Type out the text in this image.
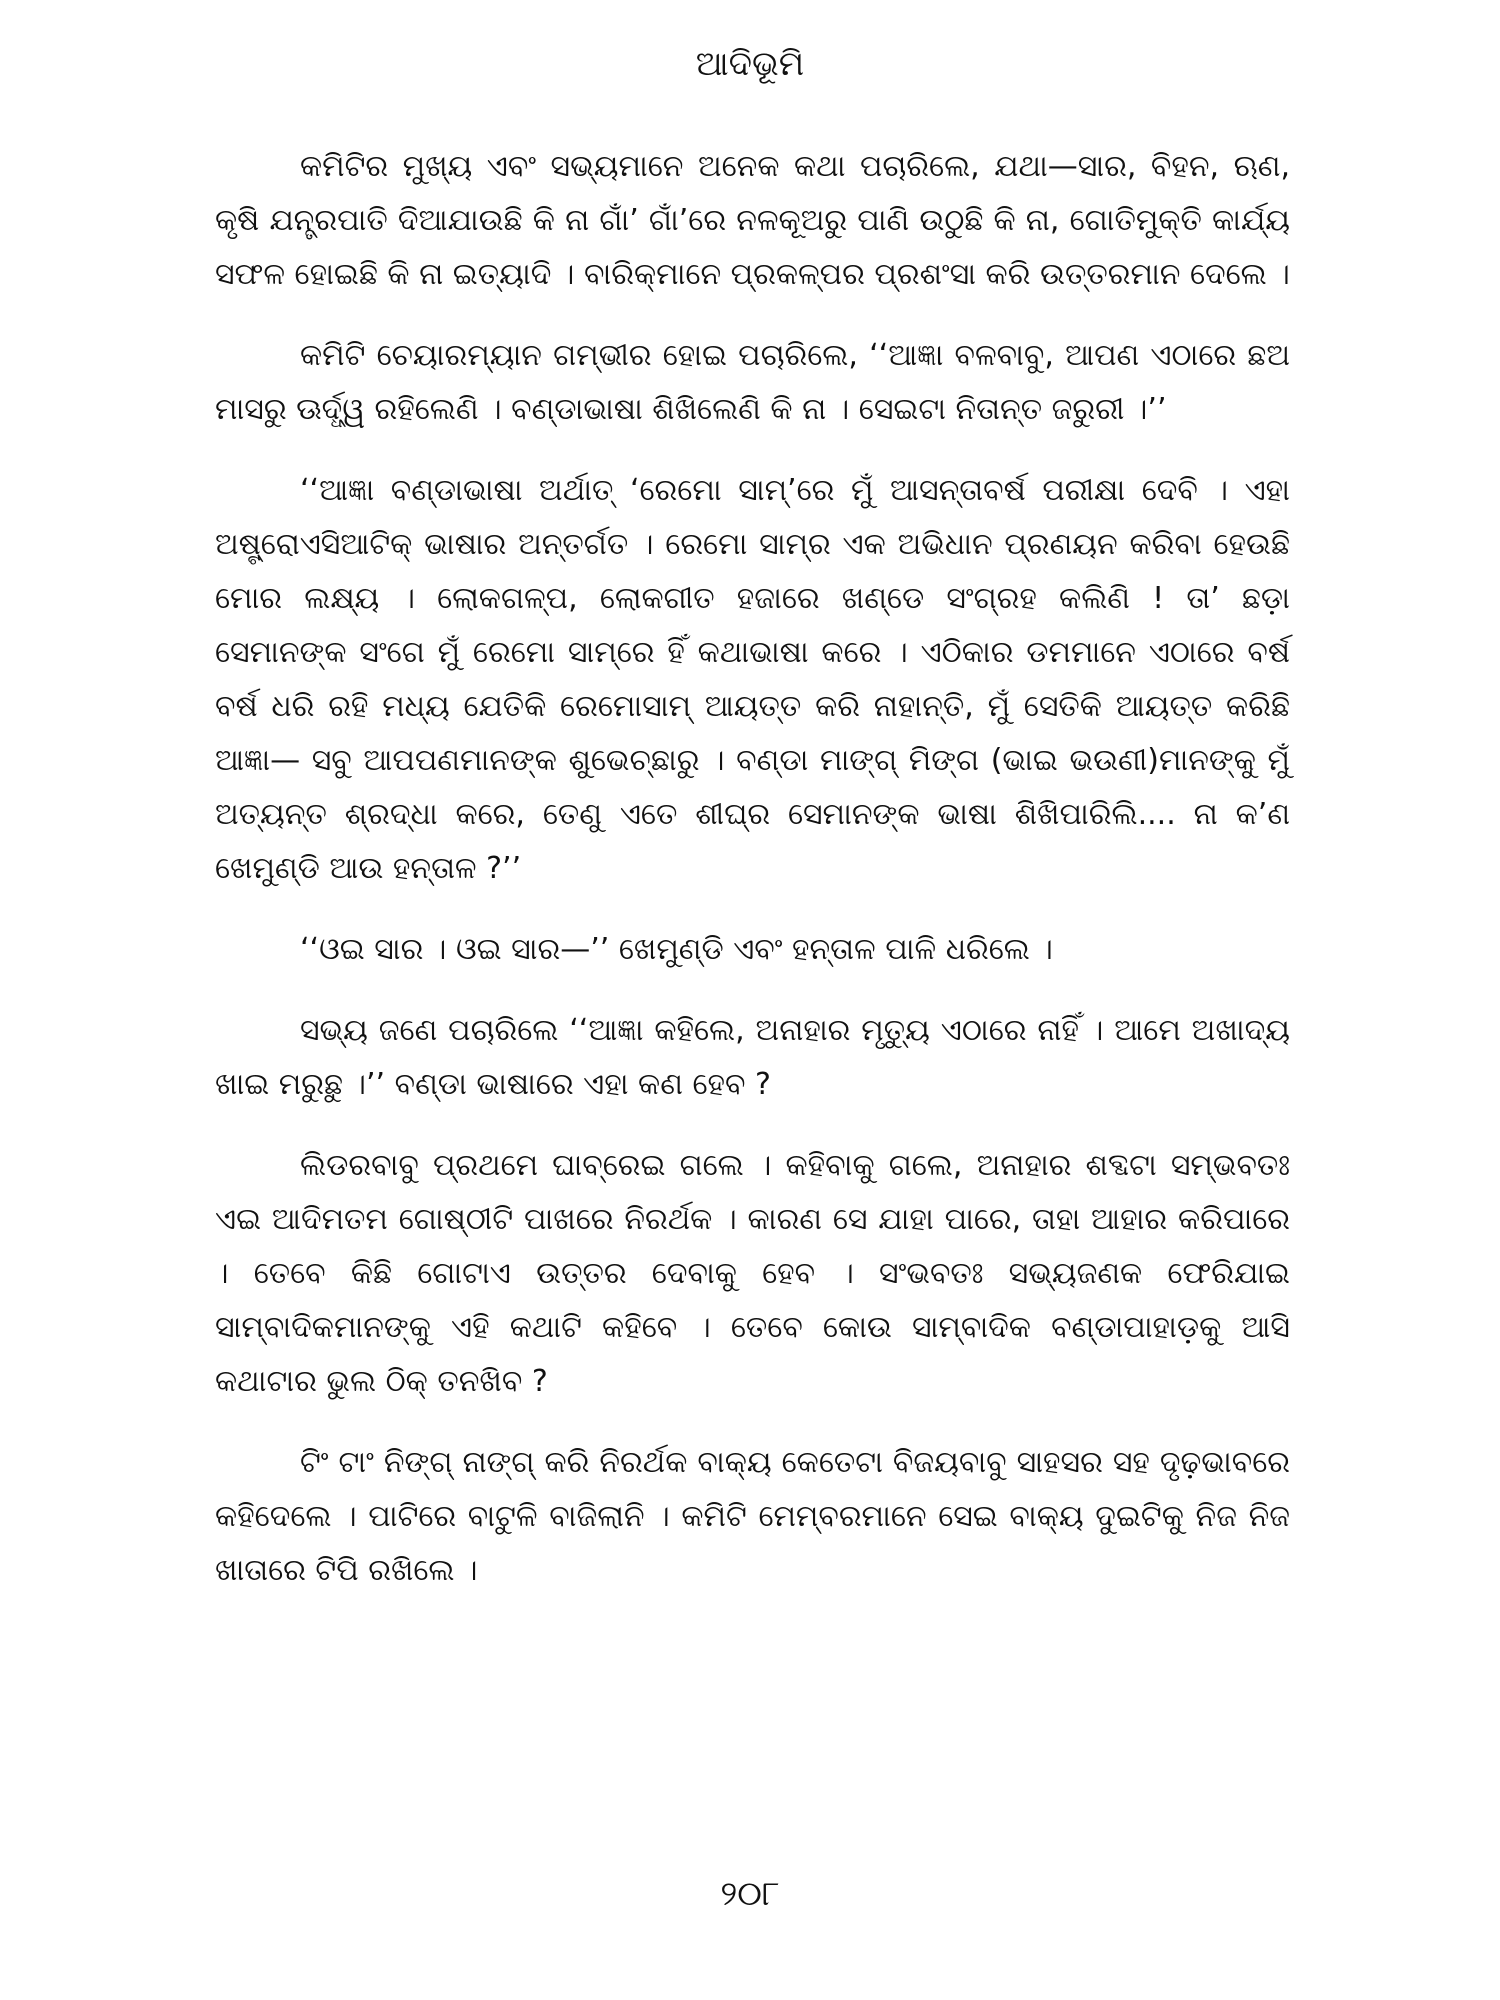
ଆଦିଭୂମି

କମିଟିର ମୁଖ୍ୟ ଏବଂ ସଭ୍ୟମାନେ ଅନେକ କଥା ପଚାରିଲେ, ଯଥା—ସାର, ବିହନ, ଋଣ, କୃଷି ଯନ୍ତ୍ରପାତି ଦିଆଯାଉଛି କି ନା ଗାଁ’ ଗାଁ’ରେ ନଳକୂଅରୁ ପାଣି ଉଠୁଛି କି ନା, ଗୋତିମୁକ୍ତି କାର୍ଯ୍ୟ ସଫଳ ହୋଇଛି କି ନା ଇତ୍ୟାଦି । ବାରିକ୍‌ମାନେ ପ୍ରକଳ୍ପର ପ୍ରଶଂସା କରି ଉତ୍ତରମାନ ଦେଲେ ।

କମିଟି ଚେୟାରମ୍ୟାନ ଗମ୍ଭୀର ହୋଇ ପଚାରିଲେ, ‘‘ଆଜ୍ଞା ବଳବାବୁ, ଆପଣ ଏଠାରେ ଛଅ ମାସରୁ ଊର୍ଦ୍ଧ୍ୱ ରହିଲେଣି । ବଣ୍ଡାଭାଷା ଶିଖିଲେଣି କି ନା । ସେଇଟା ନିତାନ୍ତ ଜରୁରୀ ।’’

‘‘ଆଜ୍ଞା ବଣ୍ଡାଭାଷା ଅର୍ଥାତ୍ ‘ରେମୋ ସାମ୍’ରେ ମୁଁ ଆସନ୍ତାବର୍ଷ ପରୀକ୍ଷା ଦେବି । ଏହା ଅଷ୍ଟ୍ରୋଏସିଆଟିକ୍ ଭାଷାର ଅନ୍ତର୍ଗତ । ରେମୋ ସାମ୍‌ର ଏକ ଅଭିଧାନ ପ୍ରଣୟନ କରିବା ହେଉଛି ମୋର ଲକ୍ଷ୍ୟ । ଲୋକଗଳ୍ପ, ଲୋକଗୀତ ହଜାରେ ଖଣ୍ଡେ ସଂଗ୍ରହ କଲିଣି ! ତା’ ଛଡ଼ା ସେମାନଙ୍କ ସଂଗେ ମୁଁ ରେମୋ ସାମ୍‌ରେ ହିଁ କଥାଭାଷା କରେ । ଏଠିକାର ଡମମାନେ ଏଠାରେ ବର୍ଷ ବର୍ଷ ଧରି ରହି ମଧ୍ୟ ଯେତିକି ରେମୋସାମ୍ ଆୟତ୍ତ କରି ନାହାନ୍ତି, ମୁଁ ସେତିକି ଆୟତ୍ତ କରିଛି ଆଜ୍ଞା— ସବୁ ଆପପଣମାନଙ୍କ ଶୁଭେଚ୍ଛାରୁ । ବଣ୍ଡା ମାଙ୍ଗ୍ ମିଙ୍ଗ (ଭାଇ ଭଉଣୀ)ମାନଙ୍କୁ ମୁଁ ଅତ୍ୟନ୍ତ ଶ୍ରଦ୍ଧା କରେ, ତେଣୁ ଏତେ ଶୀଘ୍ର ସେମାନଙ୍କ ଭାଷା ଶିଖିପାରିଲି.... ନା କ’ଣ ଖେମୁଣ୍ଡି ଆଉ ହନ୍ତାଳ ?’’

‘‘ଓଇ ସାର । ଓଇ ସାର—’’ ଖେମୁଣ୍ଡି ଏବଂ ହନ୍ତାଳ ପାଳି ଧରିଲେ ।

ସଭ୍ୟ ଜଣେ ପଚାରିଲେ ‘‘ଆଜ୍ଞା କହିଲେ, ଅନାହାର ମୃତ୍ୟୁ ଏଠାରେ ନାହିଁ । ଆମେ ଅଖାଦ୍ୟ ଖାଇ ମରୁଛୁ ।’’ ବଣ୍ଡା ଭାଷାରେ ଏହା କଣ ହେବ ?

ଲିଡରବାବୁ ପ୍ରଥମେ ଘାବ୍‌ରେଇ ଗଲେ । କହିବାକୁ ଗଲେ, ଅନାହାର ଶବ୍ଦଟା ସମ୍ଭବତଃ ଏଇ ଆଦିମତମ ଗୋଷ୍ଠୀଟି ପାଖରେ ନିରର୍ଥକ । କାରଣ ସେ ଯାହା ପାରେ, ତାହା ଆହାର କରିପାରେ । ତେବେ କିଛି ଗୋଟାଏ ଉତ୍ତର ଦେବାକୁ ହେବ । ସଂଭବତଃ ସଭ୍ୟଜଣକ ଫେରିଯାଇ ସାମ୍ବାଦିକମାନଙ୍କୁ ଏହି କଥାଟି କହିବେ । ତେବେ କୋଉ ସାମ୍ବାଦିକ ବଣ୍ଡାପାହାଡ଼କୁ ଆସି କଥାଟାର ଭୁଲ ଠିକ୍ ତନଖିବ ?

ଟିଂ ଟାଂ ନିଙ୍ଗ୍ ନାଙ୍ଗ୍ କରି ନିରର୍ଥକ ବାକ୍ୟ କେତେଟା ବିଜୟବାବୁ ସାହସର ସହ ଦୃଢ଼ଭାବରେ କହିଦେଲେ । ପାଟିରେ ବାଟୁଳି ବାଜିଲାନି । କମିଟି ମେମ୍ବରମାନେ ସେଇ ବାକ୍ୟ ଦୁଇଟିକୁ ନିଜ ନିଜ ଖାତାରେ ଟିପି ରଖିଲେ ।

୨୦୮
